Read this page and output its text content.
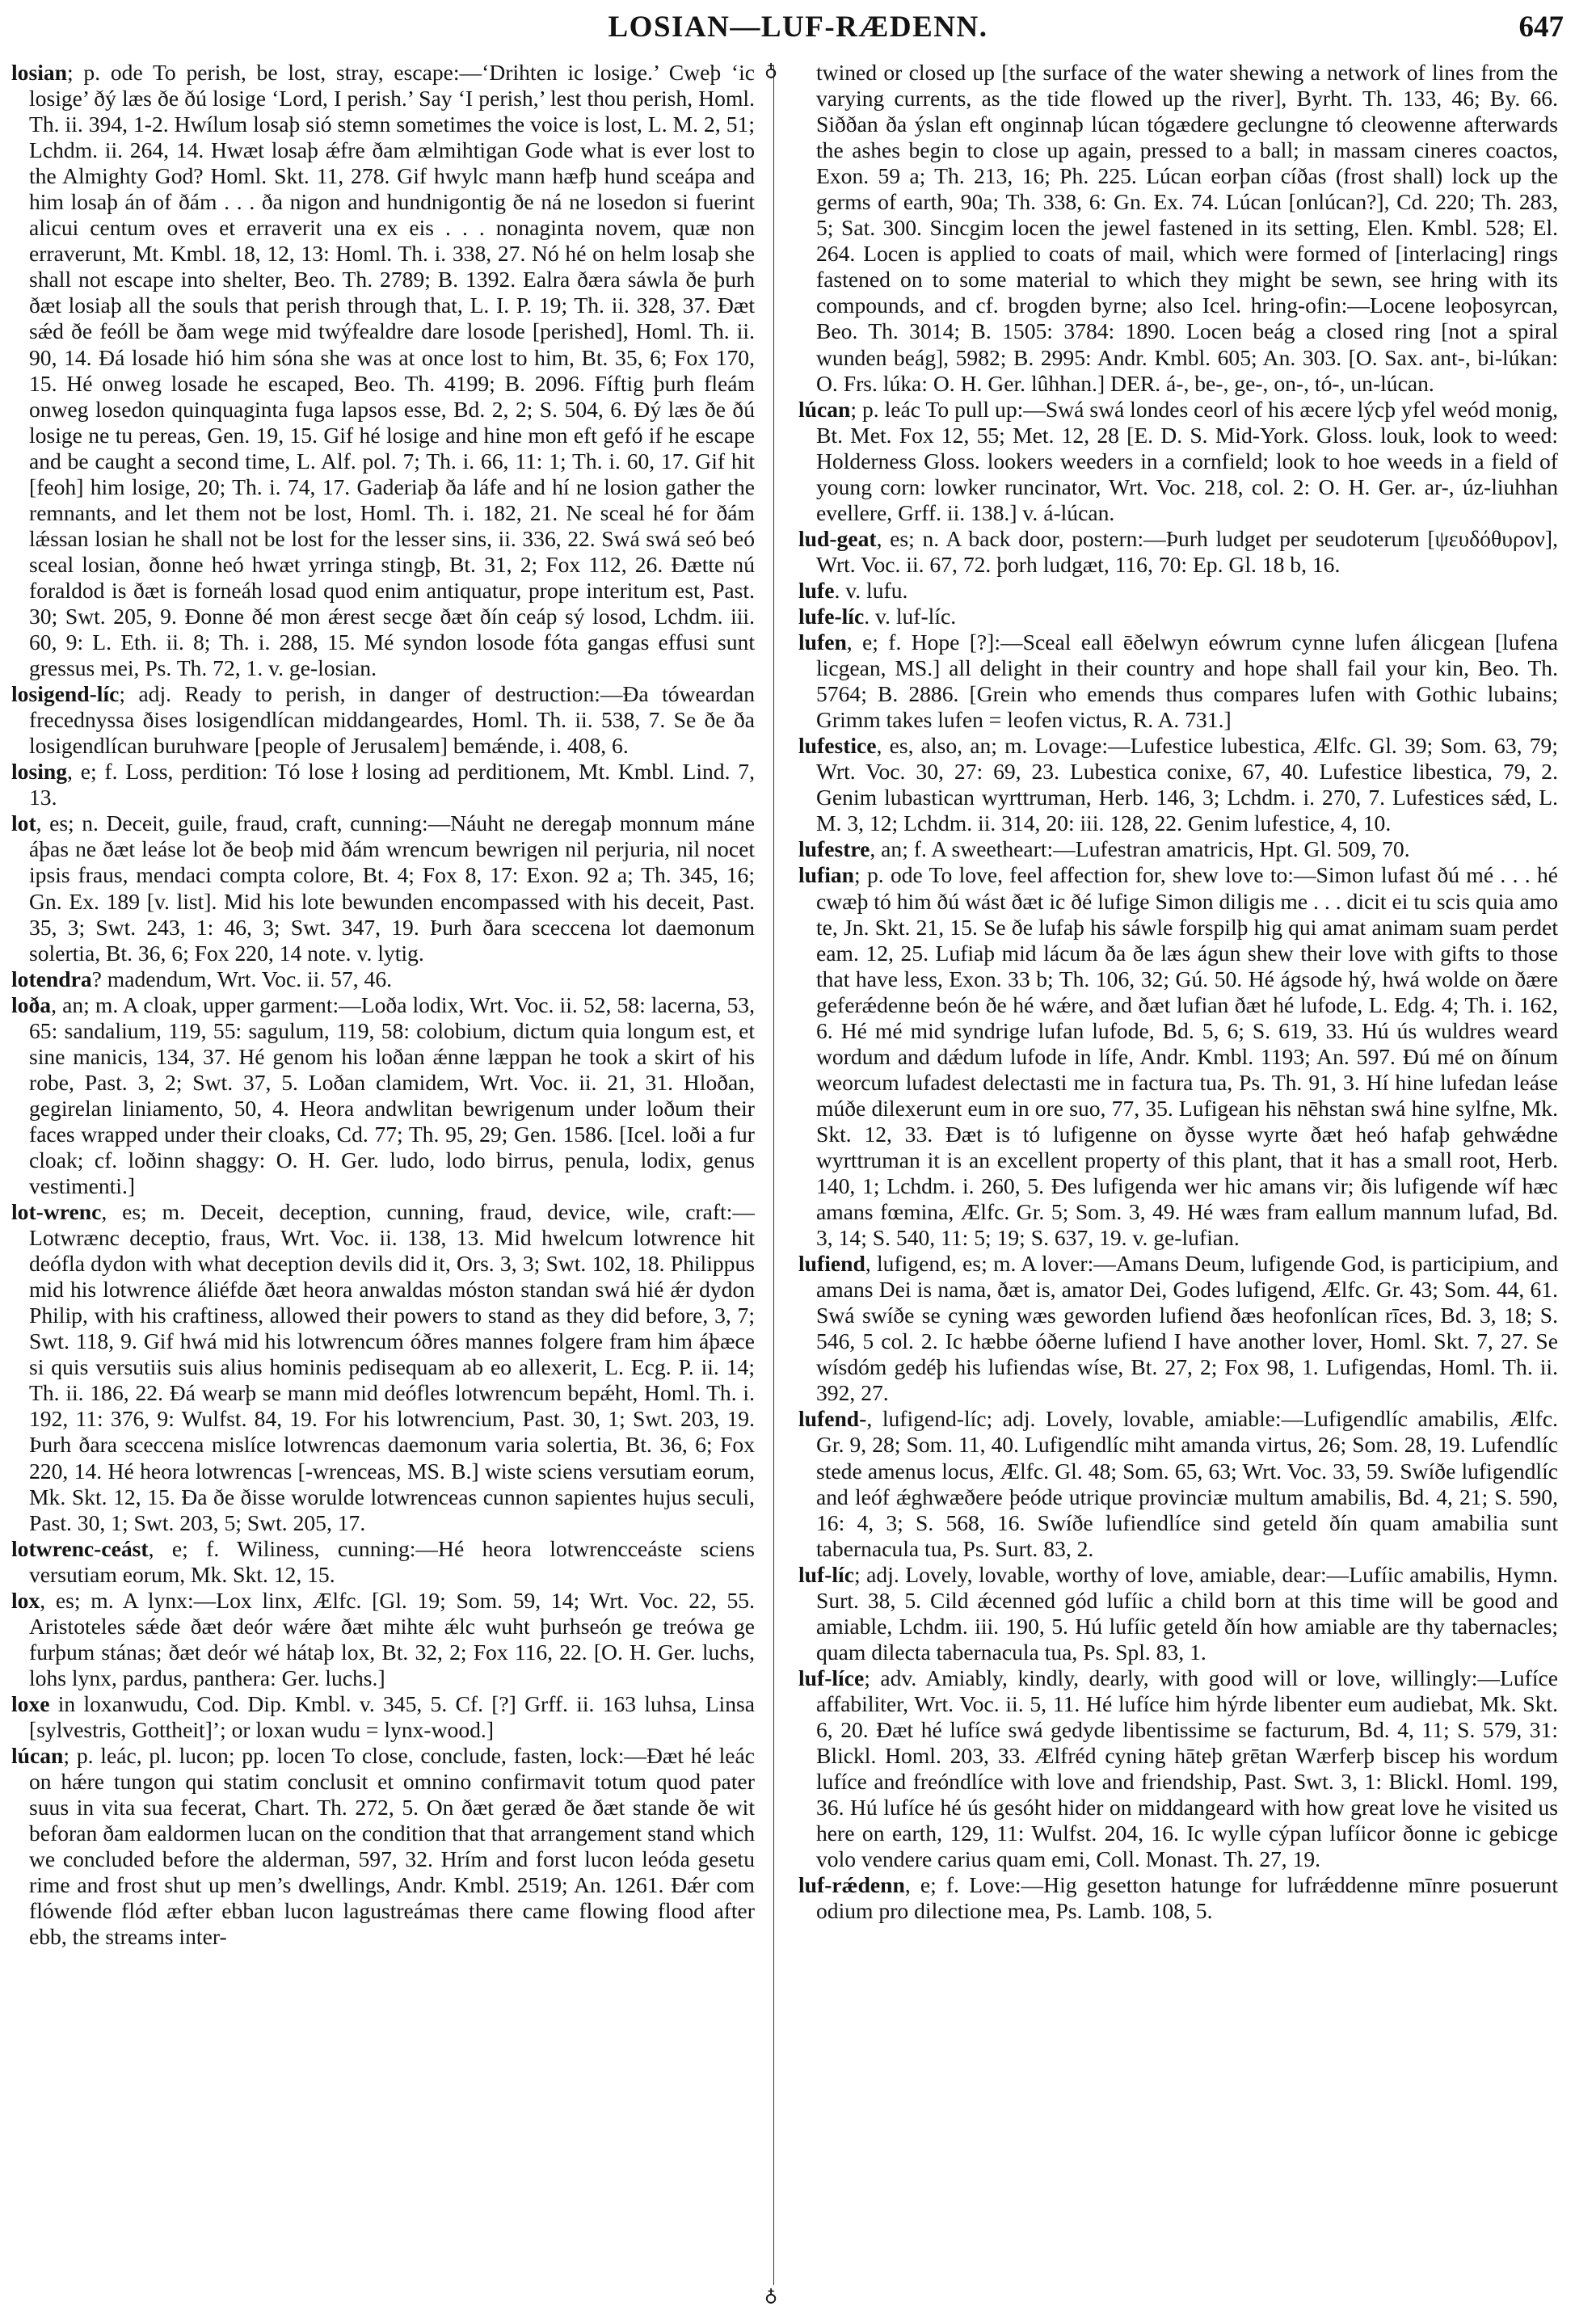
LOSIAN—LUF-RÆDENN.	647

losian; p. ode To perish, be lost, stray, escape:—‘Drihten ic losige.’ Cweþ ‘ic losige’ ðý læs ðe ðú losige ‘Lord, I perish.’ Say ‘I perish,’ lest thou perish, Homl. Th. ii. 394, 1-2. Hwílum losaþ sió stemn sometimes the voice is lost, L. M. 2, 51; Lchdm. ii. 264, 14. Hwæt losaþ ǽfre ðam ælmihtigan Gode what is ever lost to the Almighty God? Homl. Skt. 11, 278. Gif hwylc mann hæfþ hund sceápa and him losaþ án of ðám . . . ða nigon and hundnigontig ðe ná ne losedon si fuerint alicui centum oves et erraverit una ex eis . . . nonaginta novem, quæ non erraverunt, Mt. Kmbl. 18, 12, 13: Homl. Th. i. 338, 27. Nó hé on helm losaþ she shall not escape into shelter, Beo. Th. 2789; B. 1392. Ealra ðæra sáwla ðe þurh ðæt losiaþ all the souls that perish through that, L. I. P. 19; Th. ii. 328, 37. Ðæt sǽd ðe feóll be ðam wege mid twýfealdre dare losode [perished], Homl. Th. ii. 90, 14. Ðá losade hió him sóna she was at once lost to him, Bt. 35, 6; Fox 170, 15. Hé onweg losade he escaped, Beo. Th. 4199; B. 2096. Fíftig þurh fleám onweg losedon quinquaginta fuga lapsos esse, Bd. 2, 2; S. 504, 6. Ðý læs ðe ðú losige ne tu pereas, Gen. 19, 15. Gif hé losige and hine mon eft gefó if he escape and be caught a second time, L. Alf. pol. 7; Th. i. 66, 11: 1; Th. i. 60, 17. Gif hit [feoh] him losige, 20; Th. i. 74, 17. Gaderiaþ ða láfe and hí ne losion gather the remnants, and let them not be lost, Homl. Th. i. 182, 21. Ne sceal hé for ðám lǽssan losian he shall not be lost for the lesser sins, ii. 336, 22. Swá swá seó beó sceal losian, ðonne heó hwæt yrringa stingþ, Bt. 31, 2; Fox 112, 26. Ðætte nú foraldod is ðæt is forneáh losad quod enim antiquatur, prope interitum est, Past. 30; Swt. 205, 9. Ðonne ðé mon ǽrest secge ðæt ðín ceáp sý losod, Lchdm. iii. 60, 9: L. Eth. ii. 8; Th. i. 288, 15. Mé syndon losode fóta gangas effusi sunt gressus mei, Ps. Th. 72, 1. v. ge-losian.

losigend-líc; adj. Ready to perish, in danger of destruction:—Ða tóweardan frecednyssa ðises losigendlícan middangeardes, Homl. Th. ii. 538, 7. Se ðe ða losigendlícan buruhware [people of Jerusalem] bemǽnde, i. 408, 6.

losing, e; f. Loss, perdition: Tó lose ł losing ad perditionem, Mt. Kmbl. Lind. 7, 13.

lot, es; n. Deceit, guile, fraud, craft, cunning:—Náuht ne deregaþ monnum máne áþas ne ðæt leáse lot ðe beoþ mid ðám wrencum bewrigen nil perjuria, nil nocet ipsis fraus, mendaci compta colore, Bt. 4; Fox 8, 17: Exon. 92 a; Th. 345, 16; Gn. Ex. 189 [v. list]. Mid his lote bewunden encompassed with his deceit, Past. 35, 3; Swt. 243, 1: 46, 3; Swt. 347, 19. Þurh ðara sceccena lot daemonum solertia, Bt. 36, 6; Fox 220, 14 note. v. lytig.

lotendra? madendum, Wrt. Voc. ii. 57, 46.

loða, an; m. A cloak, upper garment:—Loða lodix, Wrt. Voc. ii. 52, 58: lacerna, 53, 65: sandalium, 119, 55: sagulum, 119, 58: colobium, dictum quia longum est, et sine manicis, 134, 37. Hé genom his loðan ǽnne læppan he took a skirt of his robe, Past. 3, 2; Swt. 37, 5. Loðan clamidem, Wrt. Voc. ii. 21, 31. Hloðan, gegirelan liniamento, 50, 4. Heora andwlitan bewrigenum under loðum their faces wrapped under their cloaks, Cd. 77; Th. 95, 29; Gen. 1586. [Icel. loði a fur cloak; cf. loðinn shaggy: O. H. Ger. ludo, lodo birrus, penula, lodix, genus vestimenti.]

lot-wrenc, es; m. Deceit, deception, cunning, fraud, device, wile, craft:—Lotwrænc deceptio, fraus, Wrt. Voc. ii. 138, 13. Mid hwelcum lotwrence hit deófla dydon with what deception devils did it, Ors. 3, 3; Swt. 102, 18. Philippus mid his lotwrence áliéfde ðæt heora anwaldas móston standan swá hié ǽr dydon Philip, with his craftiness, allowed their powers to stand as they did before, 3, 7; Swt. 118, 9. Gif hwá mid his lotwrencum óðres mannes folgere fram him áþæce si quis versutiis suis alius hominis pedisequam ab eo allexerit, L. Ecg. P. ii. 14; Th. ii. 186, 22. Ðá wearþ se mann mid deófles lotwrencum bepǽht, Homl. Th. i. 192, 11: 376, 9: Wulfst. 84, 19. For his lotwrencium, Past. 30, 1; Swt. 203, 19. Þurh ðara sceccena mislíce lotwrencas daemonum varia solertia, Bt. 36, 6; Fox 220, 14. Hé heora lotwrencas [-wrenceas, MS. B.] wiste sciens versutiam eorum, Mk. Skt. 12, 15. Ða ðe ðisse woruldе lotwrenceas cunnon sapientes hujus seculi, Past. 30, 1; Swt. 203, 5; Swt. 205, 17.

lotwrenc-ceást, e; f. Wiliness, cunning:—Hé heora lotwrencceáste sciens versutiam eorum, Mk. Skt. 12, 15.

lox, es; m. A lynx:—Lox linx, Ælfc. [Gl. 19; Som. 59, 14; Wrt. Voc. 22, 55. Aristoteles sǽde ðæt deór wǽre ðæt mihte ǽlc wuht þurhseón ge treówa ge furþum stánas; ðæt deór wé hátaþ lox, Bt. 32, 2; Fox 116, 22. [O. H. Ger. luchs, lohs lynx, pardus, panthera: Ger. luchs.]

loxe in loxanwudu, Cod. Dip. Kmbl. v. 345, 5. Cf. [?] Grff. ii. 163 luhsa, Linsa [sylvestris, Gottheit]’; or loxan wudu = lynx-wood.]

lúcan; p. leác, pl. lucon; pp. locen To close, conclude, fasten, lock:—Ðæt hé leác on hǽre tungon qui statim conclusit et omnino confirmavit totum quod pater suus in vita sua fecerat, Chart. Th. 272, 5. On ðæt geræd ðe ðæt stande ðe wit beforan ðam ealdormen lucan on the condition that that arrangement stand which we concluded before the alderman, 597, 32. Hrím and forst lucon leóda gesetu rime and frost shut up men’s dwellings, Andr. Kmbl. 2519; An. 1261. Ðǽr com flówende flód æfter ebban lucon lagustreámas there came flowing flood after ebb, the streams inter-

♁
♁

twined or closed up [the surface of the water shewing a network of lines from the varying currents, as the tide flowed up the river], Byrht. Th. 133, 46; By. 66. Siððan ða ýslan eft onginnaþ lúcan tógædere geclungne tó cleowenne afterwards the ashes begin to close up again, pressed to a ball; in massam cineres coactos, Exon. 59 a; Th. 213, 16; Ph. 225. Lúcan eorþan cíðas (frost shall) lock up the germs of earth, 90a; Th. 338, 6: Gn. Ex. 74. Lúcan [onlúcan?], Cd. 220; Th. 283, 5; Sat. 300. Sincgim locen the jewel fastened in its setting, Elen. Kmbl. 528; El. 264. Locen is applied to coats of mail, which were formed of [interlacing] rings fastened on to some material to which they might be sewn, see hring with its compounds, and cf. brogden byrne; also Icel. hring-ofin:—Locene leoþosyrcan, Beo. Th. 3014; B. 1505: 3784: 1890. Locen beág a closed ring [not a spiral wunden beág], 5982; B. 2995: Andr. Kmbl. 605; An. 303. [O. Sax. ant-, bi-lúkan: O. Frs. lúka: O. H. Ger. lûhhan.] DER. á-, be-, ge-, on-, tó-, un-lúcan.

lúcan; p. leác To pull up:—Swá swá londes ceorl of his æcere lýcþ yfel weód monig, Bt. Met. Fox 12, 55; Met. 12, 28 [E. D. S. Mid-York. Gloss. louk, look to weed: Holderness Gloss. lookers weeders in a cornfield; look to hoe weeds in a field of young corn: lowker runcinator, Wrt. Voc. 218, col. 2: O. H. Ger. ar-, úz-liuhhan evellere, Grff. ii. 138.] v. á-lúcan.

lud-geat, es; n. A back door, postern:—Þurh ludget per seudoterum [ψευδόθυρον], Wrt. Voc. ii. 67, 72. þorh ludgæt, 116, 70: Ep. Gl. 18 b, 16.

lufe. v. lufu.

lufe-líc. v. luf-líc.

lufen, e; f. Hope [?]:—Sceal eall ēðelwyn eówrum cynne lufen álicgean [lufena licgean, MS.] all delight in their country and hope shall fail your kin, Beo. Th. 5764; B. 2886. [Grein who emends thus compares lufen with Gothic lubains; Grimm takes lufen = leofen victus, R. A. 731.]

lufestice, es, also, an; m. Lovage:—Lufestice lubestica, Ælfc. Gl. 39; Som. 63, 79; Wrt. Voc. 30, 27: 69, 23. Lubestica conixe, 67, 40. Lufestice libestica, 79, 2. Genim lubastican wyrttruman, Herb. 146, 3; Lchdm. i. 270, 7. Lufestices sǽd, L. M. 3, 12; Lchdm. ii. 314, 20: iii. 128, 22. Genim lufestice, 4, 10.

lufestre, an; f. A sweetheart:—Lufestran amatricis, Hpt. Gl. 509, 70.

lufian; p. ode To love, feel affection for, shew love to:—Simon lufast ðú mé . . . hé cwæþ tó him ðú wást ðæt ic ðé lufige Simon diligis me . . . dicit ei tu scis quia amo te, Jn. Skt. 21, 15. Se ðe lufaþ his sáwle forspilþ hig qui amat animam suam perdet eam. 12, 25. Lufiaþ mid lácum ða ðe læs águn shew their love with gifts to those that have less, Exon. 33 b; Th. 106, 32; Gú. 50. Hé ágsode hý, hwá wolde on ðære geferǽdenne beón ðe hé wǽre, and ðæt lufian ðæt hé lufode, L. Edg. 4; Th. i. 162, 6. Hé mé mid syndrige lufan lufode, Bd. 5, 6; S. 619, 33. Hú ús wuldres weard wordum and dǽdum lufode in lífe, Andr. Kmbl. 1193; An. 597. Ðú mé on ðínum weorcum lufadest delectasti me in factura tua, Ps. Th. 91, 3. Hí hine lufedan leáse múðe dilexerunt eum in ore suo, 77, 35. Lufigean his nēhstan swá hine sylfne, Mk. Skt. 12, 33. Ðæt is tó lufigenne on ðysse wyrte ðæt heó hafaþ gehwǽdne wyrttruman it is an excellent property of this plant, that it has a small root, Herb. 140, 1; Lchdm. i. 260, 5. Ðes lufigenda wer hic amans vir; ðis lufigende wíf hæc amans fœmina, Ælfc. Gr. 5; Som. 3, 49. Hé wæs fram eallum mannum lufad, Bd. 3, 14; S. 540, 11: 5; 19; S. 637, 19. v. ge-lufian.

lufiend, lufigend, es; m. A lover:—Amans Deum, lufigende God, is participium, and amans Dei is nama, ðæt is, amator Dei, Godes lufigend, Ælfc. Gr. 43; Som. 44, 61. Swá swíðe se cyning wæs geworden lufiend ðæs heofonlícan rīces, Bd. 3, 18; S. 546, 5 col. 2. Ic hæbbe óðerne lufiend I have another lover, Homl. Skt. 7, 27. Se wísdóm gedéþ his lufiendas wíse, Bt. 27, 2; Fox 98, 1. Lufigendas, Homl. Th. ii. 392, 27.

lufend-, lufigend-líc; adj. Lovely, lovable, amiable:—Lufigendlíc amabilis, Ælfc. Gr. 9, 28; Som. 11, 40. Lufigendlíc miht amanda virtus, 26; Som. 28, 19. Lufendlíc stede amenus locus, Ælfc. Gl. 48; Som. 65, 63; Wrt. Voc. 33, 59. Swíðe lufigendlíc and leóf ǽghwæðere þeóde utrique provinciæ multum amabilis, Bd. 4, 21; S. 590, 16: 4, 3; S. 568, 16. Swíðe lufiendlíce sind geteld ðín quam amabilia sunt tabernacula tua, Ps. Surt. 83, 2.

luf-líc; adj. Lovely, lovable, worthy of love, amiable, dear:—Lufíic amabilis, Hymn. Surt. 38, 5. Cild ǽcenned gód lufíic a child born at this time will be good and amiable, Lchdm. iii. 190, 5. Hú lufíic geteld ðín how amiable are thy tabernacles; quam dilecta tabernacula tua, Ps. Spl. 83, 1.

luf-líce; adv. Amiably, kindly, dearly, with good will or love, willingly:—Lufíce affabiliter, Wrt. Voc. ii. 5, 11. Hé lufíce him hýrde libenter eum audiebat, Mk. Skt. 6, 20. Ðæt hé lufíce swá gedyde libentissime se facturum, Bd. 4, 11; S. 579, 31: Blickl. Homl. 203, 33. Ælfréd cyning hāteþ grētan Wærferþ biscep his wordum lufíce and freóndlíce with love and friendship, Past. Swt. 3, 1: Blickl. Homl. 199, 36. Hú lufíce hé ús gesóht hider on middangeard with how great love he visited us here on earth, 129, 11: Wulfst. 204, 16. Ic wylle cýpan lufíicor ðonne ic gebicge volo vendere carius quam emi, Coll. Monast. Th. 27, 19.

luf-rǽdenn, e; f. Love:—Hig gesetton hatunge for lufrǽddenne mīnre posuerunt odium pro dilectione mea, Ps. Lamb. 108, 5.
